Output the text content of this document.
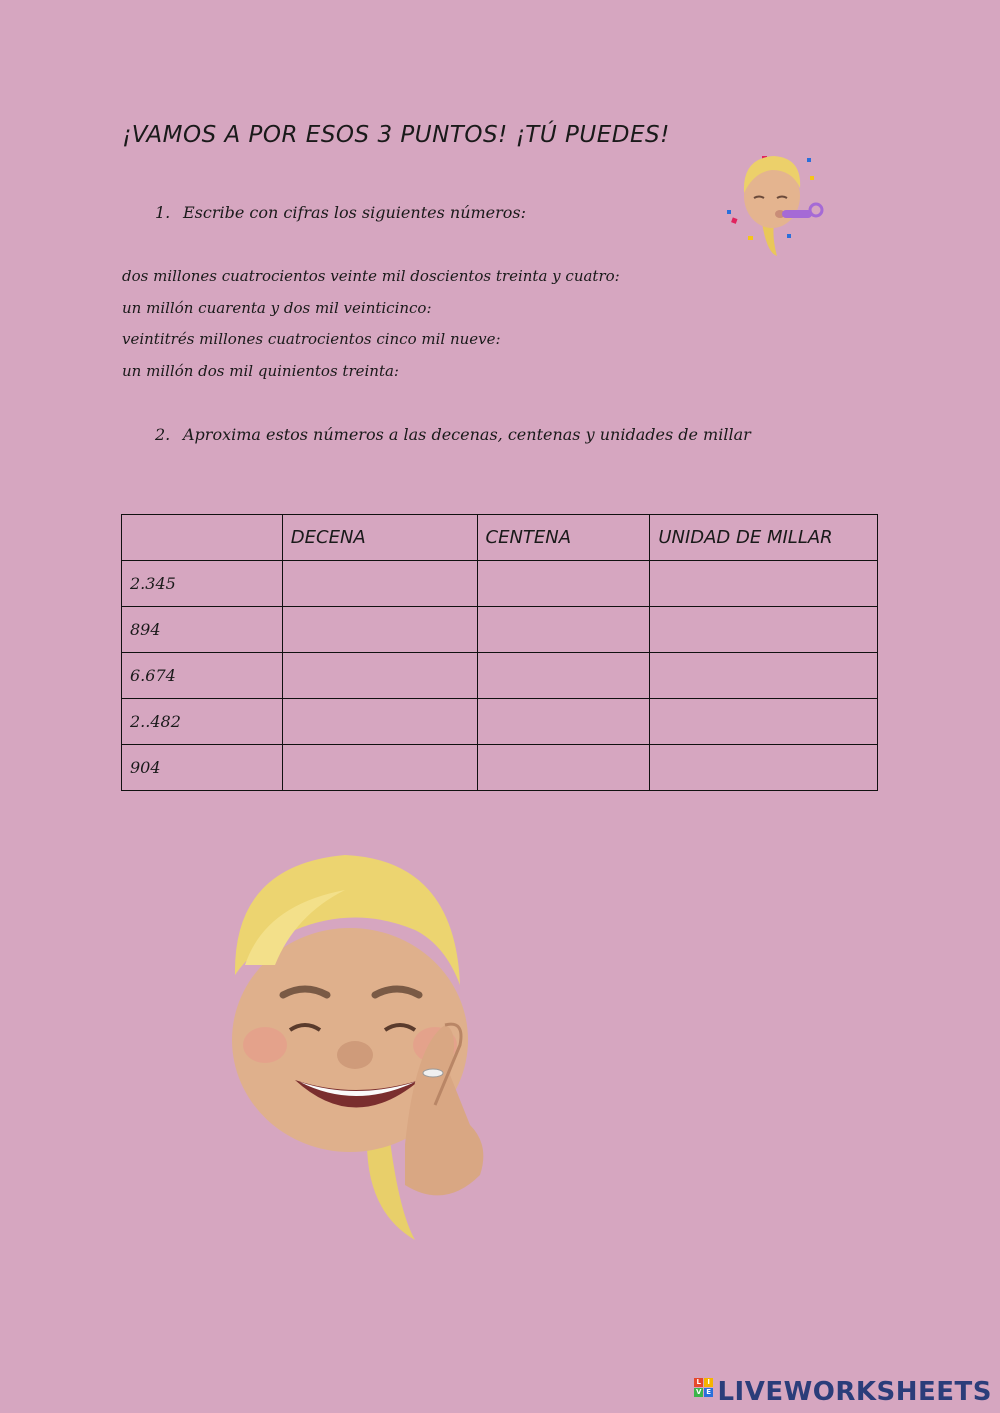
¡VAMOS A POR ESOS 3 PUNTOS! ¡TÚ PUEDES!
1. Escribe con cifras los siguientes números:
dos millones cuatrocientos veinte mil doscientos treinta y cuatro:
un millón cuarenta y dos mil veinticinco:
veintitrés millones cuatrocientos cinco mil nueve:
un millón dos mil quinientos treinta:
2. Aproxima estos números a las decenas, centenas y unidades de millar
	DECENA	CENTENA	UNIDAD DE MILLAR
2.345			
894			
6.674			
2..482			
904			
L I
V E LIVEWORKSHEETS
